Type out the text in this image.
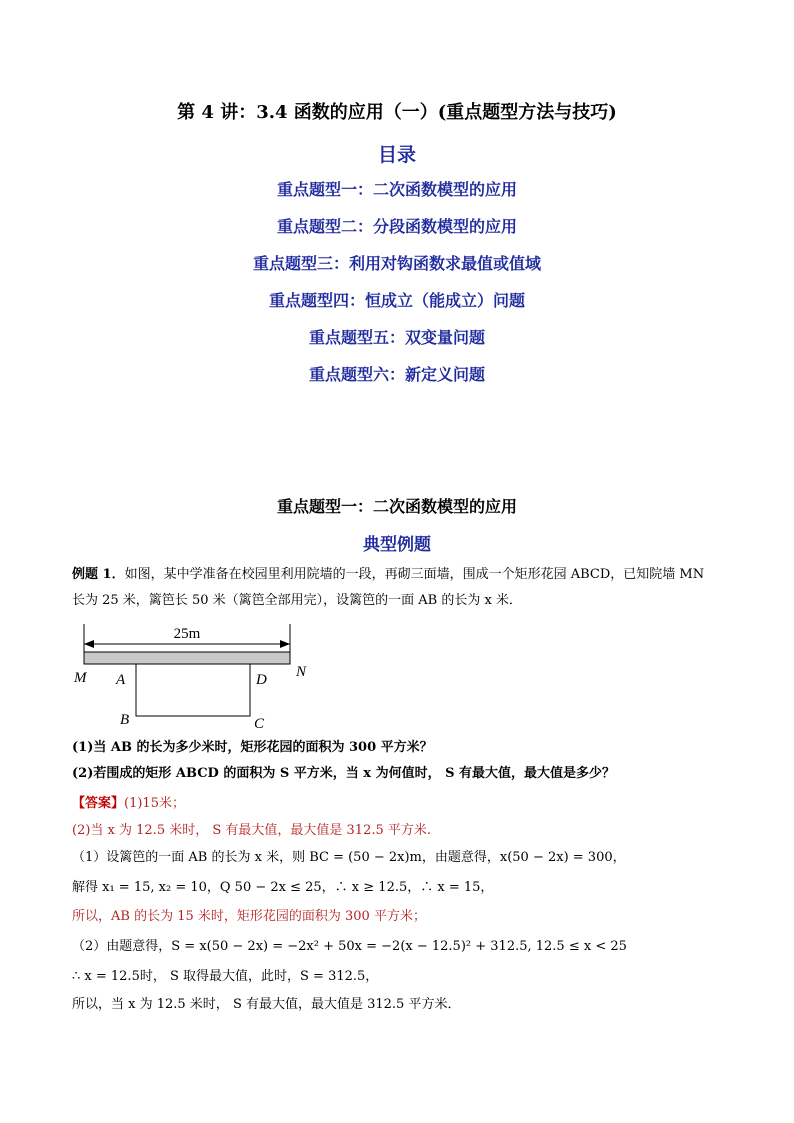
第 4 讲：3.4 函数的应用（一）(重点题型方法与技巧)
目录
重点题型一：二次函数模型的应用
重点题型二：分段函数模型的应用
重点题型三：利用对钩函数求最值或值域
重点题型四：恒成立（能成立）问题
重点题型五：双变量问题
重点题型六：新定义问题
重点题型一：二次函数模型的应用
典型例题
例题 1．如图，某中学准备在校园里利用院墙的一段，再砌三面墙，围成一个矩形花园 ABCD，已知院墙 MN
长为 25 米，篱笆长 50 米（篱笆全部用完），设篱笆的一面 AB 的长为 x 米．
25m
M	N
A	D
B	C
(1)当 AB 的长为多少米时，矩形花园的面积为 300 平方米？
(2)若围成的矩形 ABCD 的面积为 S 平方米，当 x 为何值时， S 有最大值，最大值是多少？
【答案】(1)15米；
(2)当 x 为 12.5 米时， S 有最大值，最大值是 312.5 平方米.
（1）设篱笆的一面 AB 的长为 x 米，则 BC = (50 − 2x)m，由题意得，x(50 − 2x) = 300，
解得 x₁ = 15, x₂ = 10，Q 50 − 2x ≤ 25，∴ x ≥ 12.5，∴ x = 15，
所以，AB 的长为 15 米时，矩形花园的面积为 300 平方米；
（2）由题意得，S = x(50 − 2x) = −2x² + 50x = −2(x − 12.5)² + 312.5, 12.5 ≤ x < 25
∴ x = 12.5时， S 取得最大值，此时，S = 312.5，
所以，当 x 为 12.5 米时， S 有最大值，最大值是 312.5 平方米．
